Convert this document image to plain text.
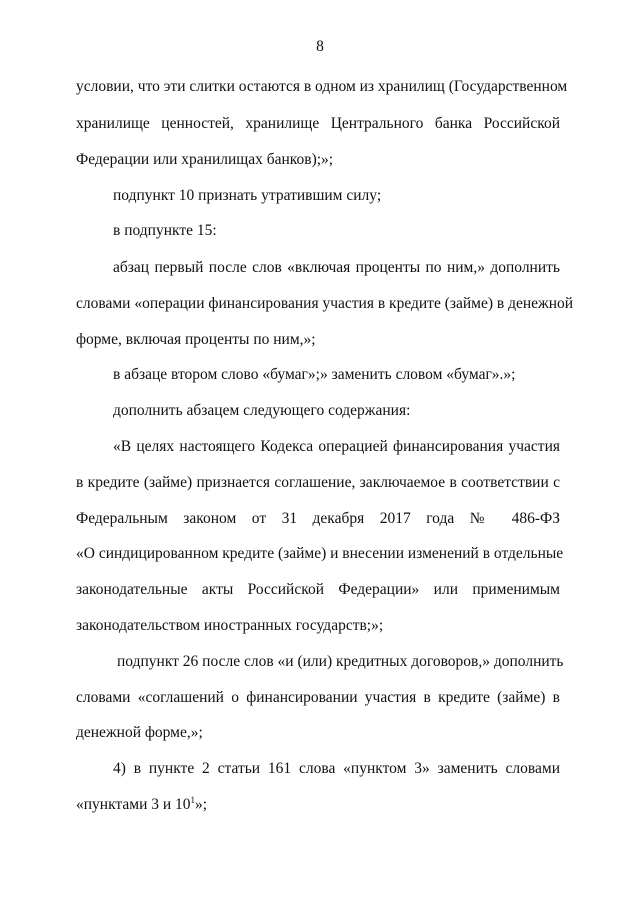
8
условии, что эти слитки остаются в одном из хранилищ (Государственном
хранилище ценностей, хранилище Центрального банка Российской
Федерации или хранилищах банков);»;
подпункт 10 признать утратившим силу;
в подпункте 15:
абзац первый после слов «включая проценты по ним,» дополнить
словами «операции финансирования участия в кредите (займе) в денежной
форме, включая проценты по ним,»;
в абзаце втором слово «бумаг»;» заменить словом «бумаг».»;
дополнить абзацем следующего содержания:
«В целях настоящего Кодекса операцией финансирования участия
в кредите (займе) признается соглашение, заключаемое в соответствии с
Федеральным законом от 31 декабря 2017 года № 486-ФЗ
«О синдицированном кредите (займе) и внесении изменений в отдельные
законодательные акты Российской Федерации» или применимым
законодательством иностранных государств;»;
подпункт 26 после слов «и (или) кредитных договоров,» дополнить
словами «соглашений о финансировании участия в кредите (займе) в
денежной форме,»;
4) в пункте 2 статьи 161 слова «пунктом 3» заменить словами
«пунктами 3 и $10^1$»;
